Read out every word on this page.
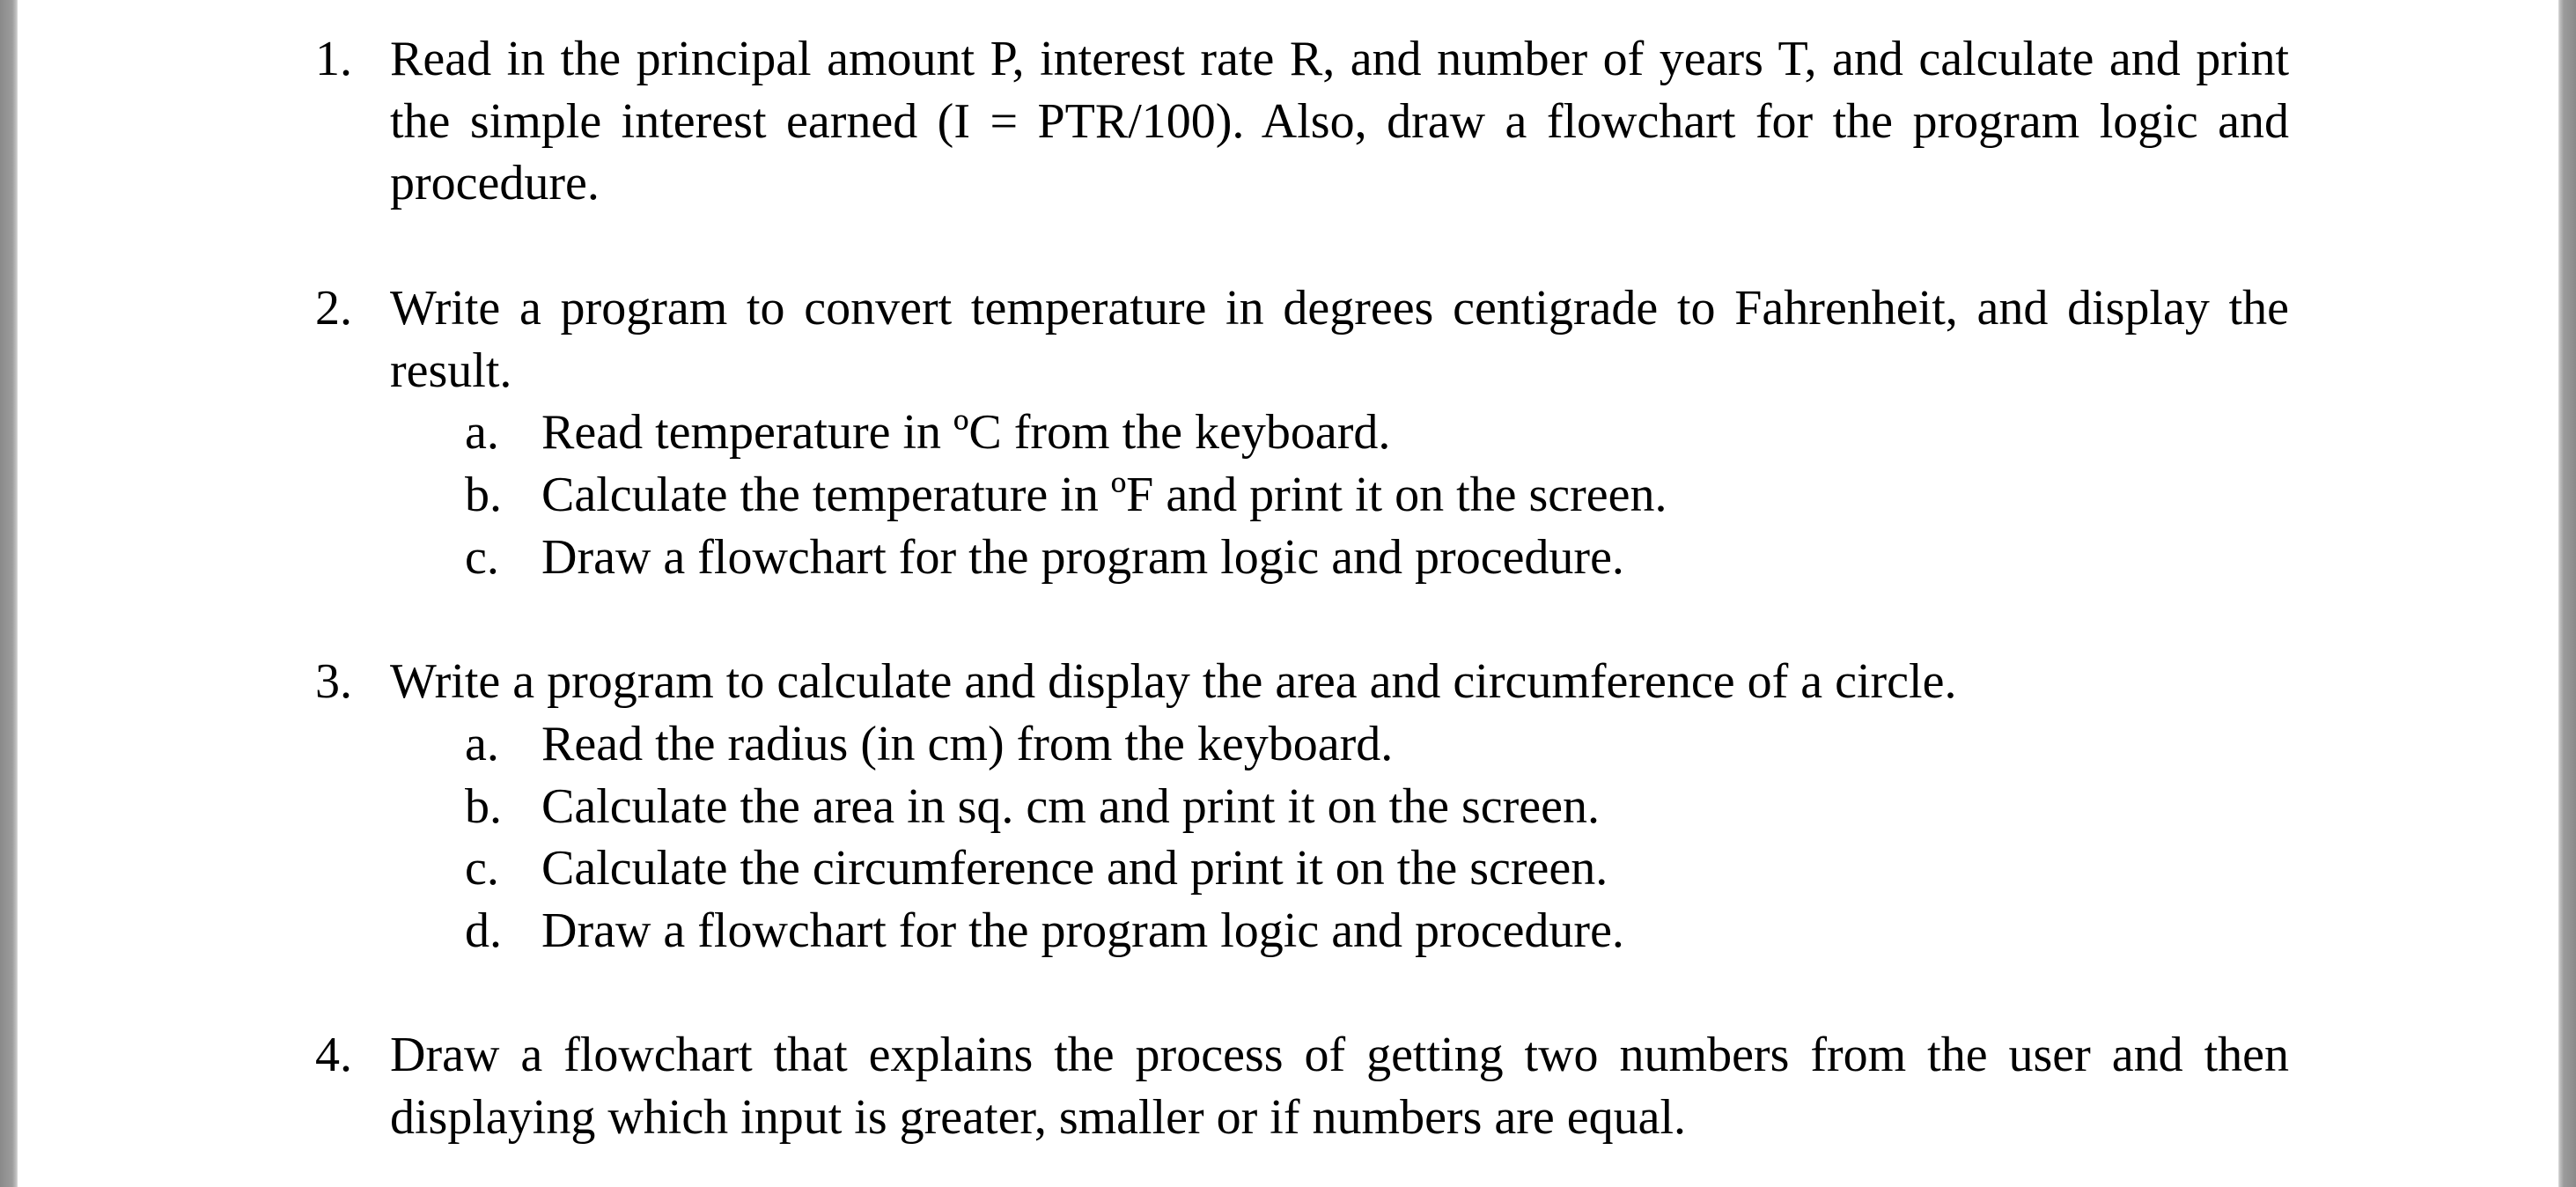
1. Read in the principal amount P, interest rate R, and number of years T, and calculate and print the simple interest earned (I = PTR/100). Also, draw a flowchart for the program logic and procedure.
2. Write a program to convert temperature in degrees centigrade to Fahrenheit, and display the result.
a. Read temperature in ºC from the keyboard.
b. Calculate the temperature in ºF and print it on the screen.
c. Draw a flowchart for the program logic and procedure.
3. Write a program to calculate and display the area and circumference of a circle.
a. Read the radius (in cm) from the keyboard.
b. Calculate the area in sq. cm and print it on the screen.
c. Calculate the circumference and print it on the screen.
d. Draw a flowchart for the program logic and procedure.
4. Draw a flowchart that explains the process of getting two numbers from the user and then displaying which input is greater, smaller or if numbers are equal.
